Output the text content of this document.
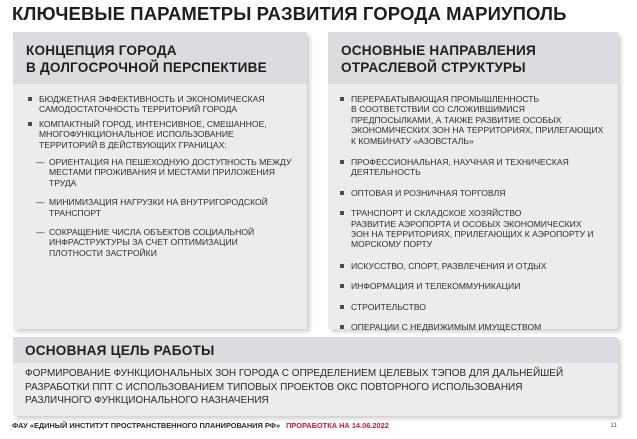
КЛЮЧЕВЫЕ ПАРАМЕТРЫ РАЗВИТИЯ ГОРОДА МАРИУПОЛЬ
КОНЦЕПЦИЯ ГОРОДА
В ДОЛГОСРОЧНОЙ ПЕРСПЕКТИВЕ
БЮДЖЕТНАЯ ЭФФЕКТИВНОСТЬ И ЭКОНОМИЧЕСКАЯ
САМОДОСТАТОЧНОСТЬ ТЕРРИТОРИЙ ГОРОДА
КОМПАКТНЫЙ ГОРОД, ИНТЕНСИВНОЕ, СМЕШАННОЕ,
МНОГОФУНКЦИОНАЛЬНОЕ ИСПОЛЬЗОВАНИЕ
ТЕРРИТОРИЙ В ДЕЙСТВУЮЩИХ ГРАНИЦАХ:
— ОРИЕНТАЦИЯ НА ПЕШЕХОДНУЮ ДОСТУПНОСТЬ МЕЖДУ
МЕСТАМИ ПРОЖИВАНИЯ И МЕСТАМИ ПРИЛОЖЕНИЯ
ТРУДА
— МИНИМИЗАЦИЯ НАГРУЗКИ НА ВНУТРИГОРОДСКОЙ
ТРАНСПОРТ
— СОКРАЩЕНИЕ ЧИСЛА ОБЪЕКТОВ СОЦИАЛЬНОЙ
ИНФРАСТРУКТУРЫ ЗА СЧЕТ ОПТИМИЗАЦИИ
ПЛОТНОСТИ ЗАСТРОЙКИ
ОСНОВНЫЕ НАПРАВЛЕНИЯ
ОТРАСЛЕВОЙ СТРУКТУРЫ
ПЕРЕРАБАТЫВАЮЩАЯ ПРОМЫШЛЕННОСТЬ
В СООТВЕТСТВИИ СО СЛОЖИВШИМИСЯ
ПРЕДПОСЫЛКАМИ, А ТАКЖЕ РАЗВИТИЕ ОСОБЫХ
ЭКОНОМИЧЕСКИХ ЗОН НА ТЕРРИТОРИЯХ, ПРИЛЕГАЮЩИХ
К КОМБИНАТУ «АЗОВСТАЛЬ»
ПРОФЕССИОНАЛЬНАЯ, НАУЧНАЯ И ТЕХНИЧЕСКАЯ
ДЕЯТЕЛЬНОСТЬ
ОПТОВАЯ И РОЗНИЧНАЯ ТОРГОВЛЯ
ТРАНСПОРТ И СКЛАДСКОЕ ХОЗЯЙСТВО
РАЗВИТИЕ АЭРОПОРТА И ОСОБЫХ ЭКОНОМИЧЕСКИХ
ЗОН НА ТЕРРИТОРИЯХ, ПРИЛЕГАЮЩИХ К АЭРОПОРТУ И
МОРСКОМУ ПОРТУ
ИСКУССТВО, СПОРТ, РАЗВЛЕЧЕНИЯ И ОТДЫХ
ИНФОРМАЦИЯ И ТЕЛЕКОММУНИКАЦИИ
СТРОИТЕЛЬСТВО
ОПЕРАЦИИ С НЕДВИЖИМЫМ ИМУЩЕСТВОМ
ОСНОВНАЯ ЦЕЛЬ РАБОТЫ
ФОРМИРОВАНИЕ ФУНКЦИОНАЛЬНЫХ ЗОН ГОРОДА С ОПРЕДЕЛЕНИЕМ ЦЕЛЕВЫХ ТЭПОВ ДЛЯ ДАЛЬНЕЙШЕЙ
РАЗРАБОТКИ ППТ С ИСПОЛЬЗОВАНИЕМ ТИПОВЫХ ПРОЕКТОВ ОКС ПОВТОРНОГО ИСПОЛЬЗОВАНИЯ
РАЗЛИЧНОГО ФУНКЦИОНАЛЬНОГО НАЗНАЧЕНИЯ
ФАУ «ЕДИНЫЙ ИНСТИТУТ ПРОСТРАНСТВЕННОГО ПЛАНИРОВАНИЯ РФ» ПРОРАБОТКА НА 14.06.2022	11
